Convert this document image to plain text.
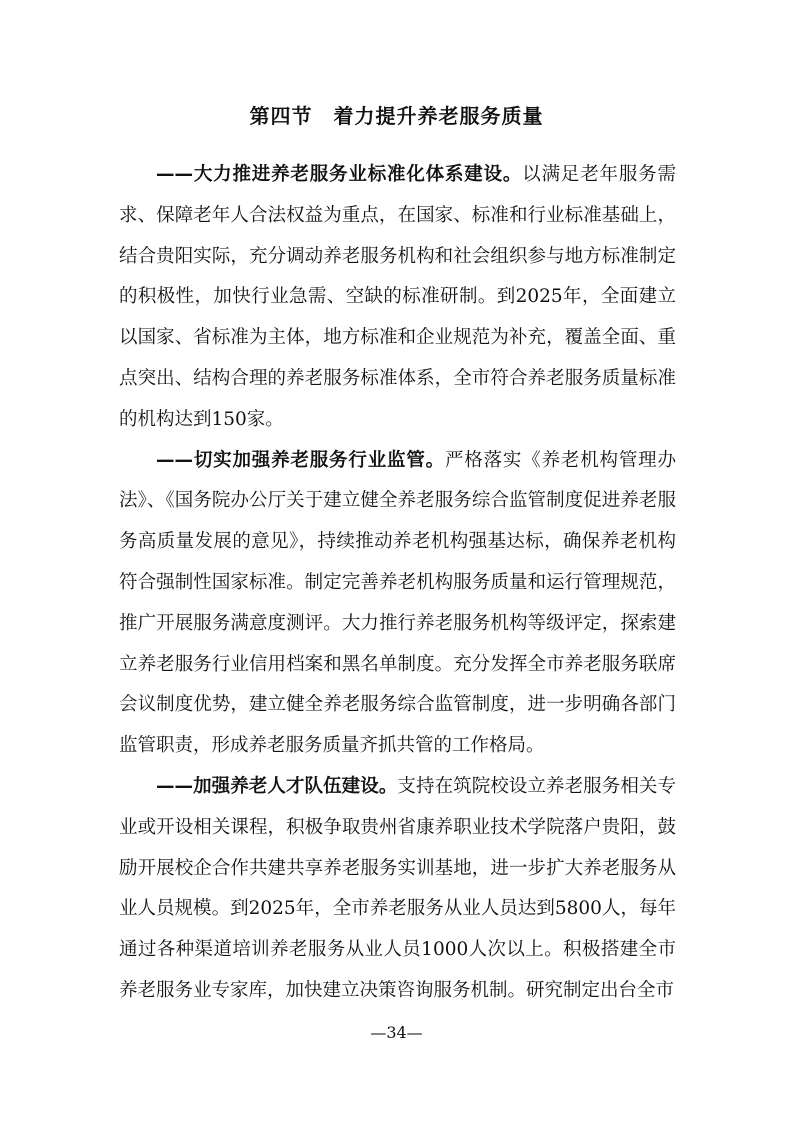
第四节　着力提升养老服务质量

——大力推进养老服务业标准化体系建设。以满足老年服务需求、保障老年人合法权益为重点，在国家、标准和行业标准基础上，结合贵阳实际，充分调动养老服务机构和社会组织参与地方标准制定的积极性，加快行业急需、空缺的标准研制。到2025年，全面建立以国家、省标准为主体，地方标准和企业规范为补充，覆盖全面、重点突出、结构合理的养老服务标准体系，全市符合养老服务质量标准的机构达到150家。

——切实加强养老服务行业监管。严格落实《养老机构管理办法》、《国务院办公厅关于建立健全养老服务综合监管制度促进养老服务高质量发展的意见》，持续推动养老机构强基达标，确保养老机构符合强制性国家标准。制定完善养老机构服务质量和运行管理规范，推广开展服务满意度测评。大力推行养老服务机构等级评定，探索建立养老服务行业信用档案和黑名单制度。充分发挥全市养老服务联席会议制度优势，建立健全养老服务综合监管制度，进一步明确各部门监管职责，形成养老服务质量齐抓共管的工作格局。

——加强养老人才队伍建设。支持在筑院校设立养老服务相关专业或开设相关课程，积极争取贵州省康养职业技术学院落户贵阳，鼓励开展校企合作共建共享养老服务实训基地，进一步扩大养老服务从业人员规模。到2025年，全市养老服务从业人员达到5800人，每年通过各种渠道培训养老服务从业人员1000人次以上。积极搭建全市养老服务业专家库，加快建立决策咨询服务机制。研究制定出台全市

—34—
